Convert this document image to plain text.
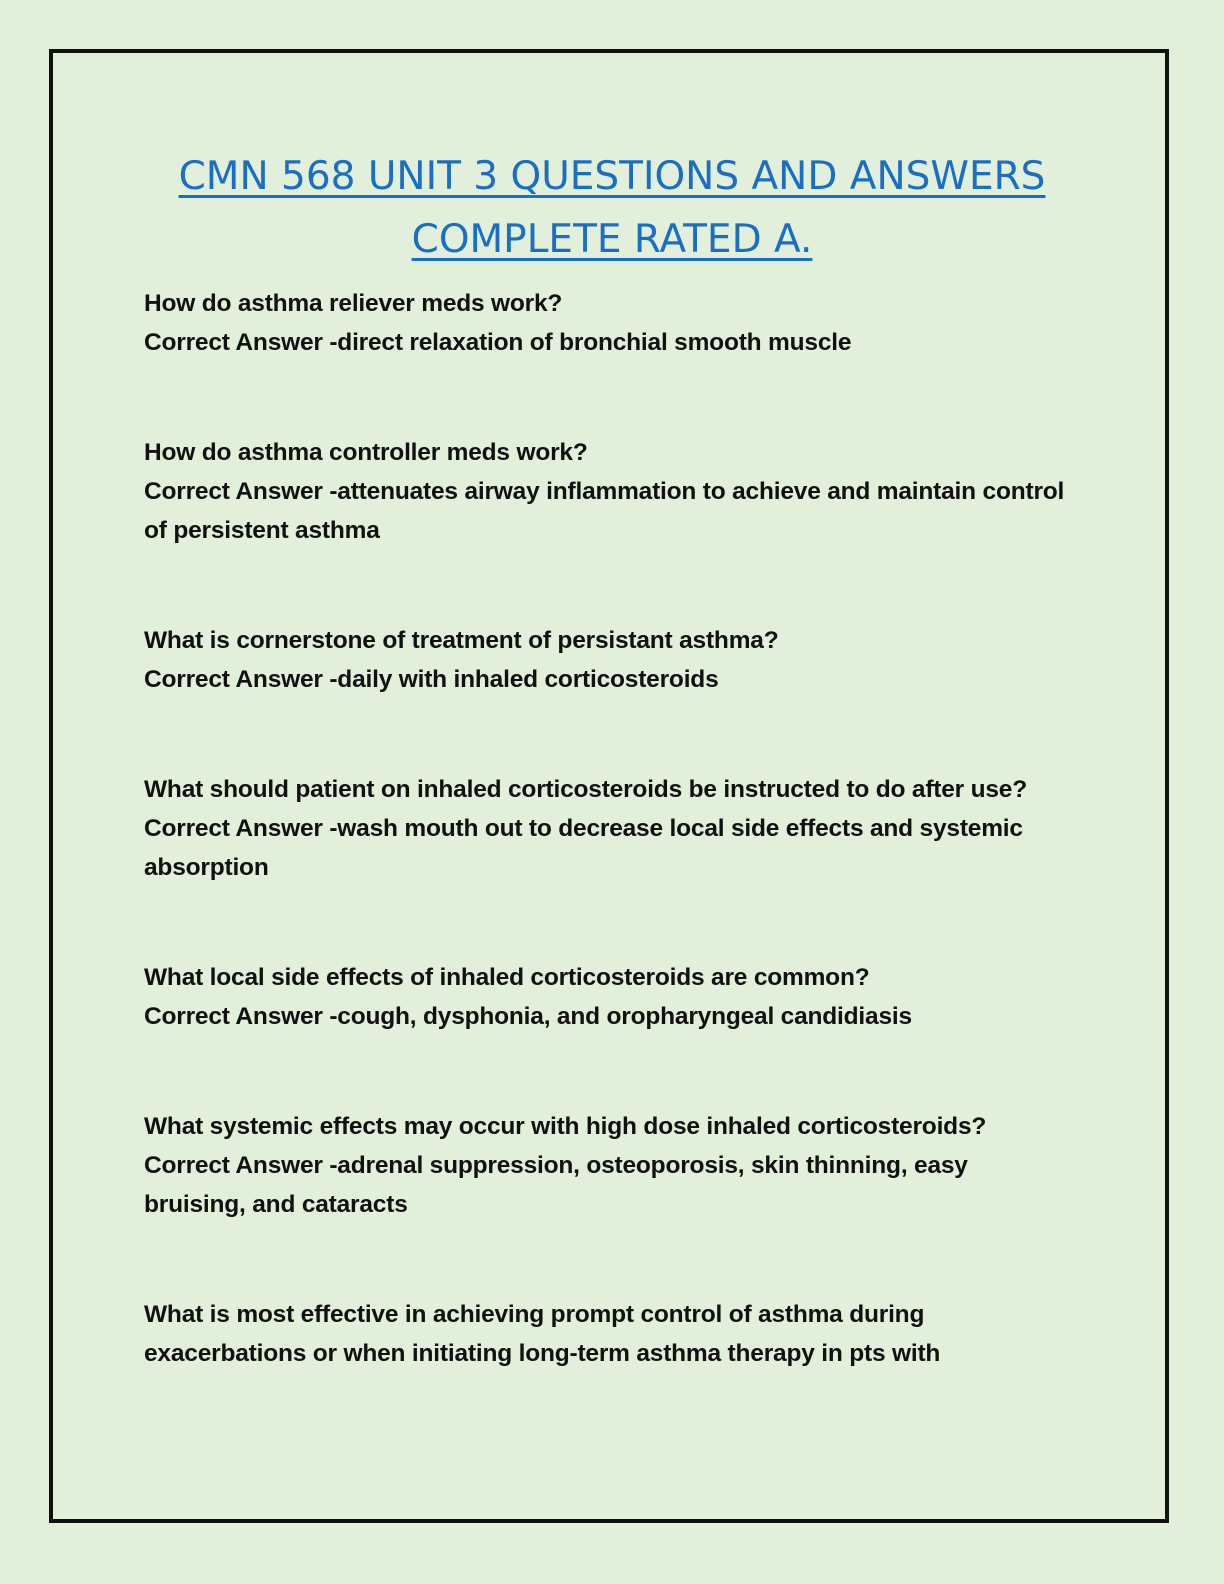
CMN 568 UNIT 3 QUESTIONS AND ANSWERS
COMPLETE RATED A.

How do asthma reliever meds work?

Correct Answer -direct relaxation of bronchial smooth muscle

How do asthma controller meds work?

Correct Answer -attenuates airway inflammation to achieve and maintain control of persistent asthma

What is cornerstone of treatment of persistant asthma?

Correct Answer -daily with inhaled corticosteroids

What should patient on inhaled corticosteroids be instructed to do after use?

Correct Answer -wash mouth out to decrease local side effects and systemic absorption

What local side effects of inhaled corticosteroids are common?

Correct Answer -cough, dysphonia, and oropharyngeal candidiasis

What systemic effects may occur with high dose inhaled corticosteroids?

Correct Answer -adrenal suppression, osteoporosis, skin thinning, easy bruising, and cataracts

What is most effective in achieving prompt control of asthma during exacerbations or when initiating long-term asthma therapy in pts with
